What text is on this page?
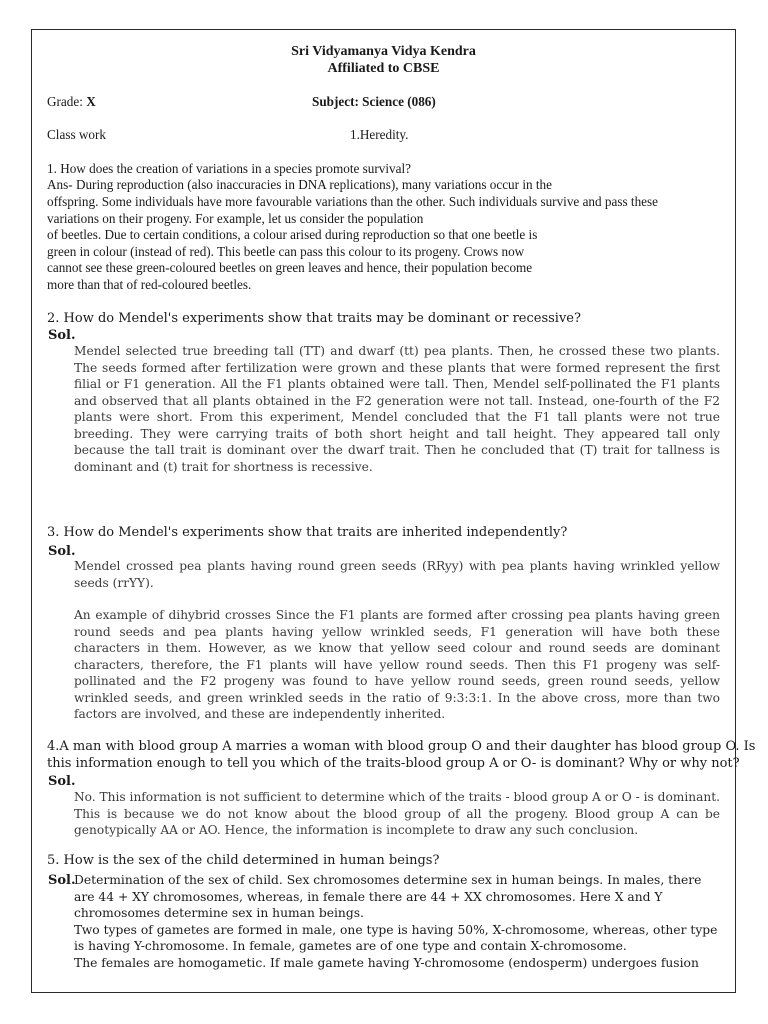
Sri Vidyamanya Vidya Kendra
Affiliated to CBSE
Grade: X	Subject: Science (086)
Class work	1.Heredity.
1. How does the creation of variations in a species promote survival?
Ans- During reproduction (also inaccuracies in DNA replications), many variations occur in the
offspring. Some individuals have more favourable variations than the other. Such individuals survive and pass these
variations on their progeny. For example, let us consider the population
of beetles. Due to certain conditions, a colour arised during reproduction so that one beetle is
green in colour (instead of red). This beetle can pass this colour to its progeny. Crows now
cannot see these green-coloured beetles on green leaves and hence, their population become
more than that of red-coloured beetles.
2. How do Mendel's experiments show that traits may be dominant or recessive?
Sol.

Mendel selected true breeding tall (TT) and dwarf (tt) pea plants. Then, he crossed these two plants. The seeds formed after fertilization were grown and these plants that were formed represent the first filial or F1 generation. All the F1 plants obtained were tall. Then, Mendel self-pollinated the F1 plants and observed that all plants obtained in the F2 generation were not tall. Instead, one-fourth of the F2 plants were short. From this experiment, Mendel concluded that the F1 tall plants were not true breeding. They were carrying traits of both short height and tall height. They appeared tall only because the tall trait is dominant over the dwarf trait. Then he concluded that (T) trait for tallness is dominant and (t) trait for shortness is recessive.

3. How do Mendel's experiments show that traits are inherited independently?
Sol.

Mendel crossed pea plants having round green seeds (RRyy) with pea plants having wrinkled yellow seeds (rrYY).

An example of dihybrid crosses Since the F1 plants are formed after crossing pea plants having green round seeds and pea plants having yellow wrinkled seeds, F1 generation will have both these characters in them. However, as we know that yellow seed colour and round seeds are dominant characters, therefore, the F1 plants will have yellow round seeds. Then this F1 progeny was self-pollinated and the F2 progeny was found to have yellow round seeds, green round seeds, yellow wrinkled seeds, and green wrinkled seeds in the ratio of 9:3:3:1. In the above cross, more than two factors are involved, and these are independently inherited.

4.A man with blood group A marries a woman with blood group O and their daughter has blood group O. Is
this information enough to tell you which of the traits-blood group A or O- is dominant? Why or why not?
Sol.

No. This information is not sufficient to determine which of the traits - blood group A or O - is dominant. This is because we do not know about the blood group of all the progeny. Blood group A can be genotypically AA or AO. Hence, the information is incomplete to draw any such conclusion.

5. How is the sex of the child determined in human beings?
Sol.

Determination of the sex of child. Sex chromosomes determine sex in human beings. In males, there are 44 + XY chromosomes, whereas, in female there are 44 + XX chromosomes. Here X and Y chromosomes determine sex in human beings.

Two types of gametes are formed in male, one type is having 50%, X-chromosome, whereas, other type is having Y-chromosome. In female, gametes are of one type and contain X-chromosome.

The females are homogametic. If male gamete having Y-chromosome (endosperm) undergoes fusion
